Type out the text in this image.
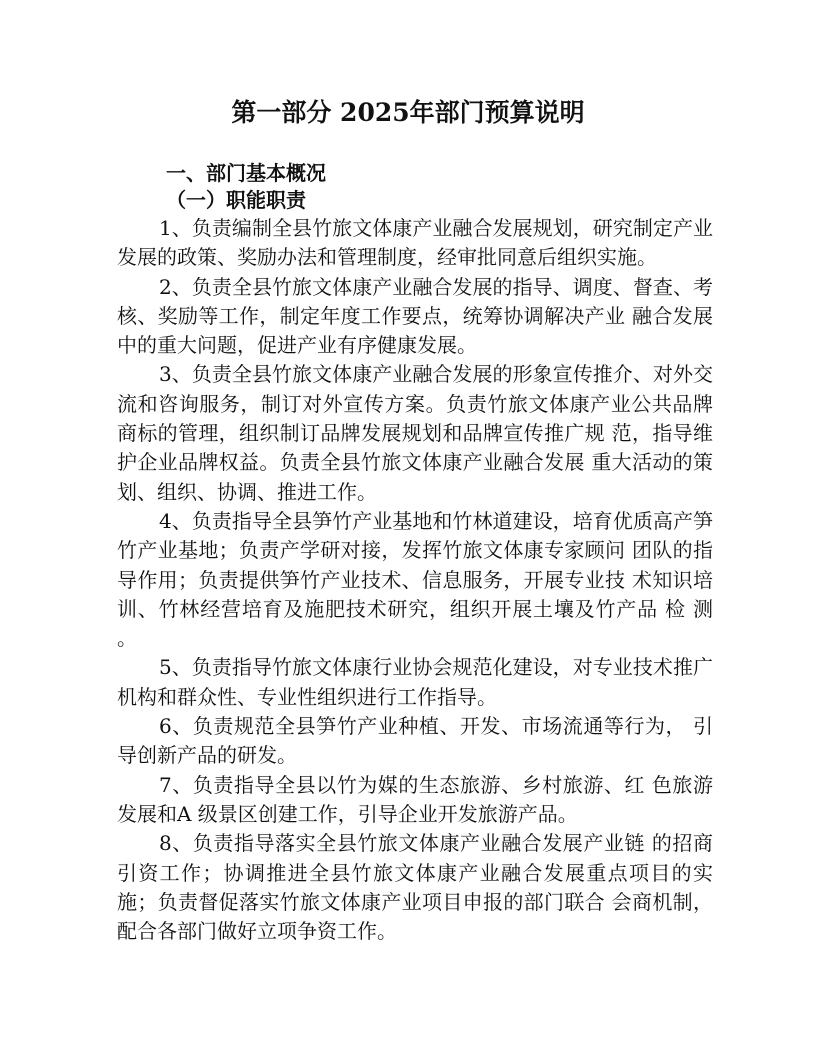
第一部分 2025年部门预算说明
一、部门基本概况
（一）职能职责

1、负责编制全县竹旅文体康产业融合发展规划，研究制定产业发展的政策、奖励办法和管理制度，经审批同意后组织实施。

2、负责全县竹旅文体康产业融合发展的指导、调度、督查、考核、奖励等工作，制定年度工作要点，统筹协调解决产业 融合发展中的重大问题，促进产业有序健康发展。

3、负责全县竹旅文体康产业融合发展的形象宣传推介、对外交流和咨询服务，制订对外宣传方案。负责竹旅文体康产业公共品牌商标的管理，组织制订品牌发展规划和品牌宣传推广规 范，指导维护企业品牌权益。负责全县竹旅文体康产业融合发展 重大活动的策划、组织、协调、推进工作。

4、负责指导全县笋竹产业基地和竹林道建设，培育优质高产笋竹产业基地；负责产学研对接，发挥竹旅文体康专家顾问 团队的指导作用；负责提供笋竹产业技术、信息服务，开展专业技 术知识培训、竹林经营培育及施肥技术研究，组织开展土壤及竹产品 检 测 。

5、负责指导竹旅文体康行业协会规范化建设，对专业技术推广机构和群众性、专业性组织进行工作指导。

6、负责规范全县笋竹产业种植、开发、市场流通等行为， 引导创新产品的研发。

7、负责指导全县以竹为媒的生态旅游、乡村旅游、红 色旅游发展和A 级景区创建工作，引导企业开发旅游产品。

8、负责指导落实全县竹旅文体康产业融合发展产业链 的招商引资工作；协调推进全县竹旅文体康产业融合发展重点项目的实施；负责督促落实竹旅文体康产业项目申报的部门联合 会商机制，配合各部门做好立项争资工作。
